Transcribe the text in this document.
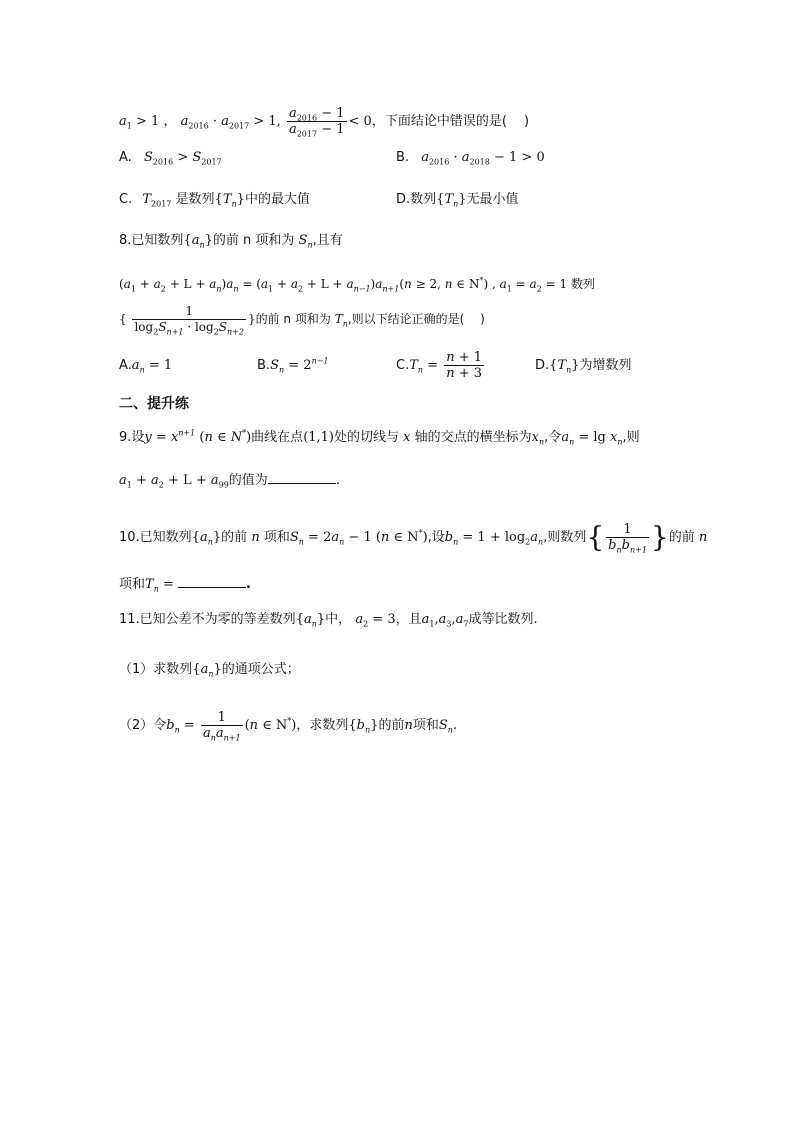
$a_1 > 1$ ， $a_{2016} \cdot a_{2017} > 1$, $\frac{a_{2016} - 1}{a_{2017} - 1} < 0$，下面结论中错误的是(　 )
A. $S_{2016} > S_{2017}$	B. $a_{2016} \cdot a_{2018} - 1 > 0$
C. $T_{2017}$ 是数列$\{T_n\}$中的最大值	D.数列$\{T_n\}$无最小值
8.已知数列$\{a_n\}$的前 n 项和为 $S_n$,且有
$(a_1 + a_2 + L + a_n)a_n = (a_1 + a_2 + L + a_{n-1})a_{n+1}(n \ge 2$, n ∈ N*) , $a_1 = a_2 = 1$ 数列
{ $\frac{1}{\log_2S_{n+1} \cdot \log_2S_{n+2}}$ }的前 n 项和为 $T_n$,则以下结论正确的是(　 )
$A.a_n = 1$	$B.S_n = 2^{n-1}$	$C.T_n = \frac{n + 1}{n + 3}$	$D.\{T_n\}$为增数列
二、提升练
9.设$y = x^{n+1}$ (n ∈ N*)曲线在点(1,1)处的切线与 x 轴的交点的横坐标为$x_n$,令$a_n = \lg x_n$,则
$a_1 + a_2 + L + a_{99}$的值为	.
10.已知数列$\{a_n\}$的前 n 项和$S_n = 2a_n - 1$ (n ∈ N*),设$b_n = 1 + \log_2a_n$,则数列{ $\frac{1}{b_nb_{n+1}}$ }的前 n
项和$T_n$ =	.
11.已知公差不为零的等差数列$\{a_n\}$中， $a_2 = 3$，且$a_1,a_3,a_7$成等比数列.
（1）求数列$\{a_n\}$的通项公式；
（2）令$b_n = \frac{1}{a_na_{n+1}} (n$ ∈ N*)，求数列$\{b_n\}$的前n项和$S_n$.
